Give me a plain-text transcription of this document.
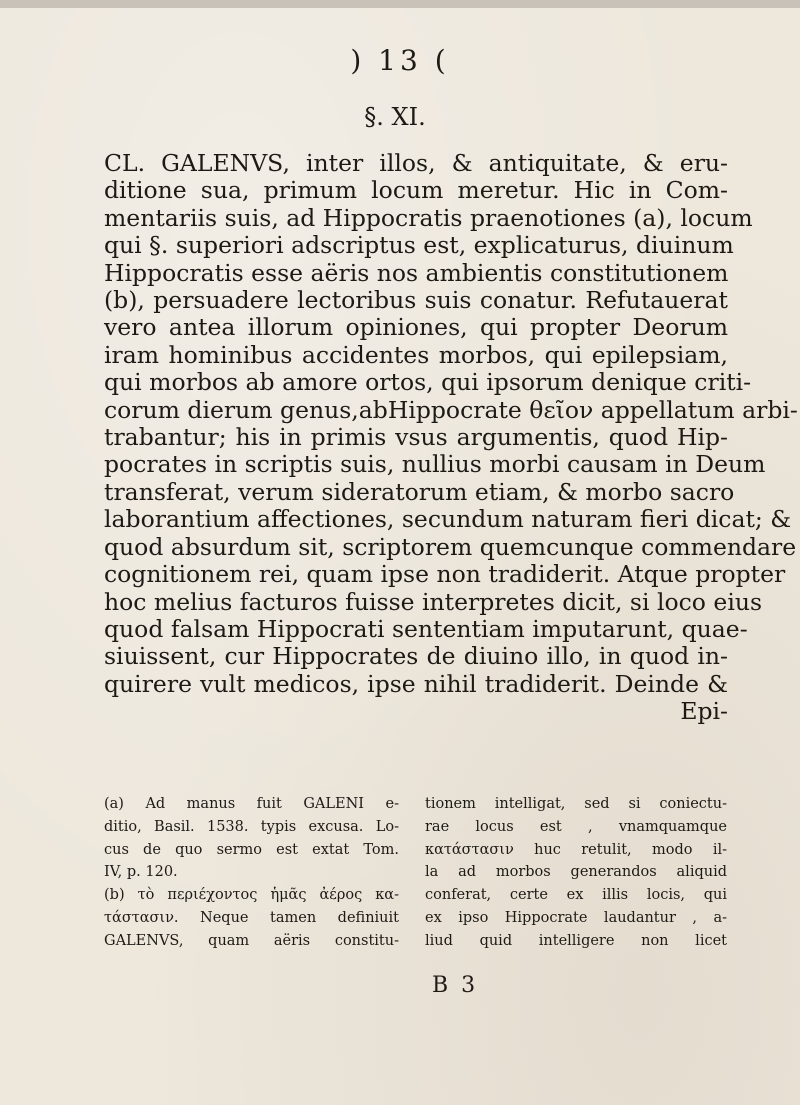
) 13 (
§. XI.
CL. GALENVS, inter illos, & antiquitate, & eru-
ditione sua, primum locum meretur. Hic in Com-
mentariis suis, ad Hippocratis praenotiones (a), locum
qui §. superiori adscriptus est, explicaturus, diuinum
Hippocratis esse aëris nos ambientis constitutionem
(b), persuadere lectoribus suis conatur. Refutauerat
vero antea illorum opiniones, qui propter Deorum
iram hominibus accidentes morbos, qui epilepsiam,
qui morbos ab amore ortos, qui ipsorum denique criti-
corum dierum genus,abHippocrate θεῖον appellatum arbi-
trabantur; his in primis vsus argumentis, quod Hip-
pocrates in scriptis suis, nullius morbi causam in Deum
transferat, verum sideratorum etiam, & morbo sacro
laborantium affectiones, secundum naturam fieri dicat; &
quod absurdum sit, scriptorem quemcunque commendare
cognitionem rei, quam ipse non tradiderit. Atque propter
hoc melius facturos fuisse interpretes dicit, si loco eius
quod falsam Hippocrati sententiam imputarunt, quae-
siuissent, cur Hippocrates de diuino illo, in quod in-
quirere vult medicos, ipse nihil tradiderit. Deinde &
Epi-
(a) Ad manus fuit GALENI e-
ditio, Basil. 1538. typis excusa. Lo-
cus de quo sermo est extat Tom.
IV, p. 120.
(b) τὸ περιέχοντος ἡμᾶς ἀέρος κα-
τάστασιν. Neque tamen definiuit
GALENVS, quam aëris constitu-
tionem intelligat, sed si coniectu-
rae locus est , vnamquamque
κατάστασιν huc retulit, modo il-
la ad morbos generandos aliquid
conferat, certe ex illis locis, qui
ex ipso Hippocrate laudantur , a-
liud quid intelligere non licet
B 3
